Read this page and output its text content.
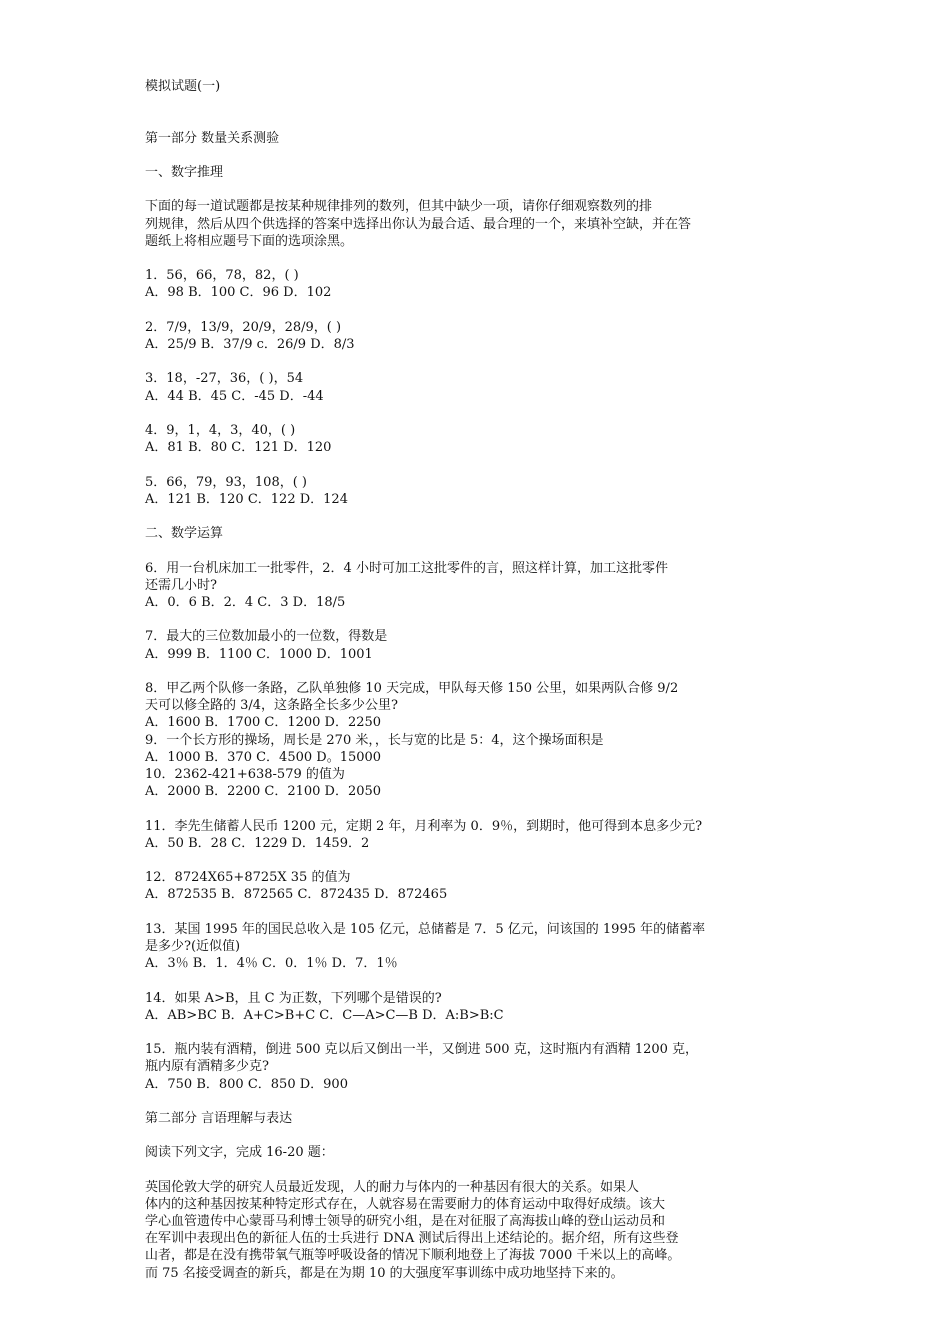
模拟试题(一)
第一部分 数量关系测验
一、数字推理
下面的每一道试题都是按某种规律排列的数列，但其中缺少一项，请你仔细观察数列的排
列规律，然后从四个供选择的答案中选择出你认为最合适、最合理的一个，来填补空缺，并在答
题纸上将相应题号下面的选项涂黑。
1．56，66，78，82，( )
A．98 B．100 C．96 D．102
2．7/9，13/9，20/9，28/9，( )
A．25/9 B．37/9 c．26/9 D．8/3
3．18，-27，36，( )，54
A．44 B．45 C．-45 D．-44
4．9，1，4，3，40，( )
A．81 B．80 C．121 D．120
5．66，79，93，108，( )
A．121 B．120 C．122 D．124
二、数学运算
6．用一台机床加工一批零件，2．4 小时可加工这批零件的言，照这样计算，加工这批零件
还需几小时?
A．0．6 B．2．4 C．3 D．18/5
7．最大的三位数加最小的一位数，得数是
A．999 B．1100 C．1000 D．1001
8．甲乙两个队修一条路，乙队单独修 10 天完成，甲队每天修 150 公里，如果两队合修 9/2
天可以修全路的 3/4，这条路全长多少公里?
A．1600 B．1700 C．1200 D．2250
9．一个长方形的操场，周长是 270 米，，长与宽的比是 5：4，这个操场面积是
A．1000 B．370 C．4500 D。15000
10．2362-421+638-579 的值为
A．2000 B．2200 C．2100 D．2050
11．李先生储蓄人民币 1200 元，定期 2 年，月利率为 0．9％，到期时，他可得到本息多少元?
A．50 B．28 C．1229 D．1459．2
12．8724X65+8725X 35 的值为
A．872535 B．872565 C．872435 D．872465
13．某国 1995 年的国民总收入是 105 亿元，总储蓄是 7．5 亿元，问该国的 1995 年的储蓄率
是多少?(近似值)
A．3％ B．1．4％ C．0．1％ D．7．1％
14．如果 A>B，且 C 为正数，下列哪个是错误的?
A．AB>BC B．A+C>B+C C．C—A>C—B D．A:B>B:C
15．瓶内装有酒精，倒进 500 克以后又倒出一半，又倒进 500 克，这时瓶内有酒精 1200 克，
瓶内原有酒精多少克?
A．750 B．800 C．850 D．900
第二部分 言语理解与表达
阅读下列文字，完成 16-20 题：
英国伦敦大学的研究人员最近发现，人的耐力与体内的一种基因有很大的关系。如果人
体内的这种基因按某种特定形式存在，人就容易在需要耐力的体育运动中取得好成绩。该大
学心血管遗传中心蒙哥马利博士领导的研究小组，是在对征服了高海拔山峰的登山运动员和
在军训中表现出色的新征人伍的士兵进行 DNA 测试后得出上述结论的。据介绍，所有这些登
山者，都是在没有携带氧气瓶等呼吸设备的情况下顺利地登上了海拔 7000 千米以上的高峰。
而 75 名接受调查的新兵，都是在为期 10 的大强度军事训练中成功地坚持下来的。
